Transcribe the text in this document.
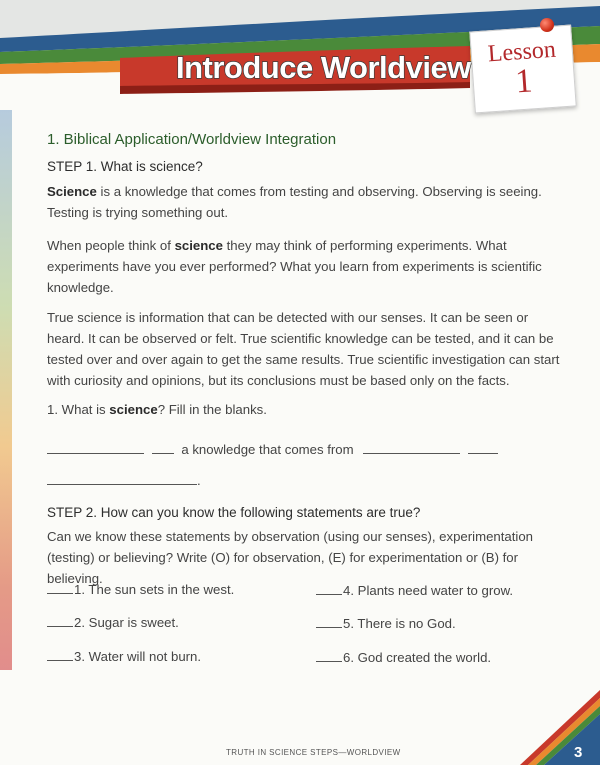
Introduce Worldview Lesson
1
1. Biblical Application/Worldview Integration
STEP 1. What is science?
Science is a knowledge that comes from testing and observing. Observing is seeing. Testing is trying something out.
When people think of science they may think of performing experiments. What experiments have you ever performed? What you learn from experiments is scientific knowledge.
True science is information that can be detected with our senses. It can be seen or heard. It can be observed or felt. True scientific knowledge can be tested, and it can be tested over and over again to get the same results. True scientific investigation can start with curiosity and opinions, but its conclusions must be based only on the facts.
1. What is science? Fill in the blanks.
a knowledge that comes from
.
STEP 2. How can you know the following statements are true?
Can we know these statements by observation (using our senses), experimentation (testing) or believing? Write (O) for observation, (E) for experimentation or (B) for believing.
1. The sun sets in the west.
2. Sugar is sweet.
3. Water will not burn.
4. Plants need water to grow.
5. There is no God.
6. God created the world.
TRUTH IN SCIENCE STEPS—WORLDVIEW	3
